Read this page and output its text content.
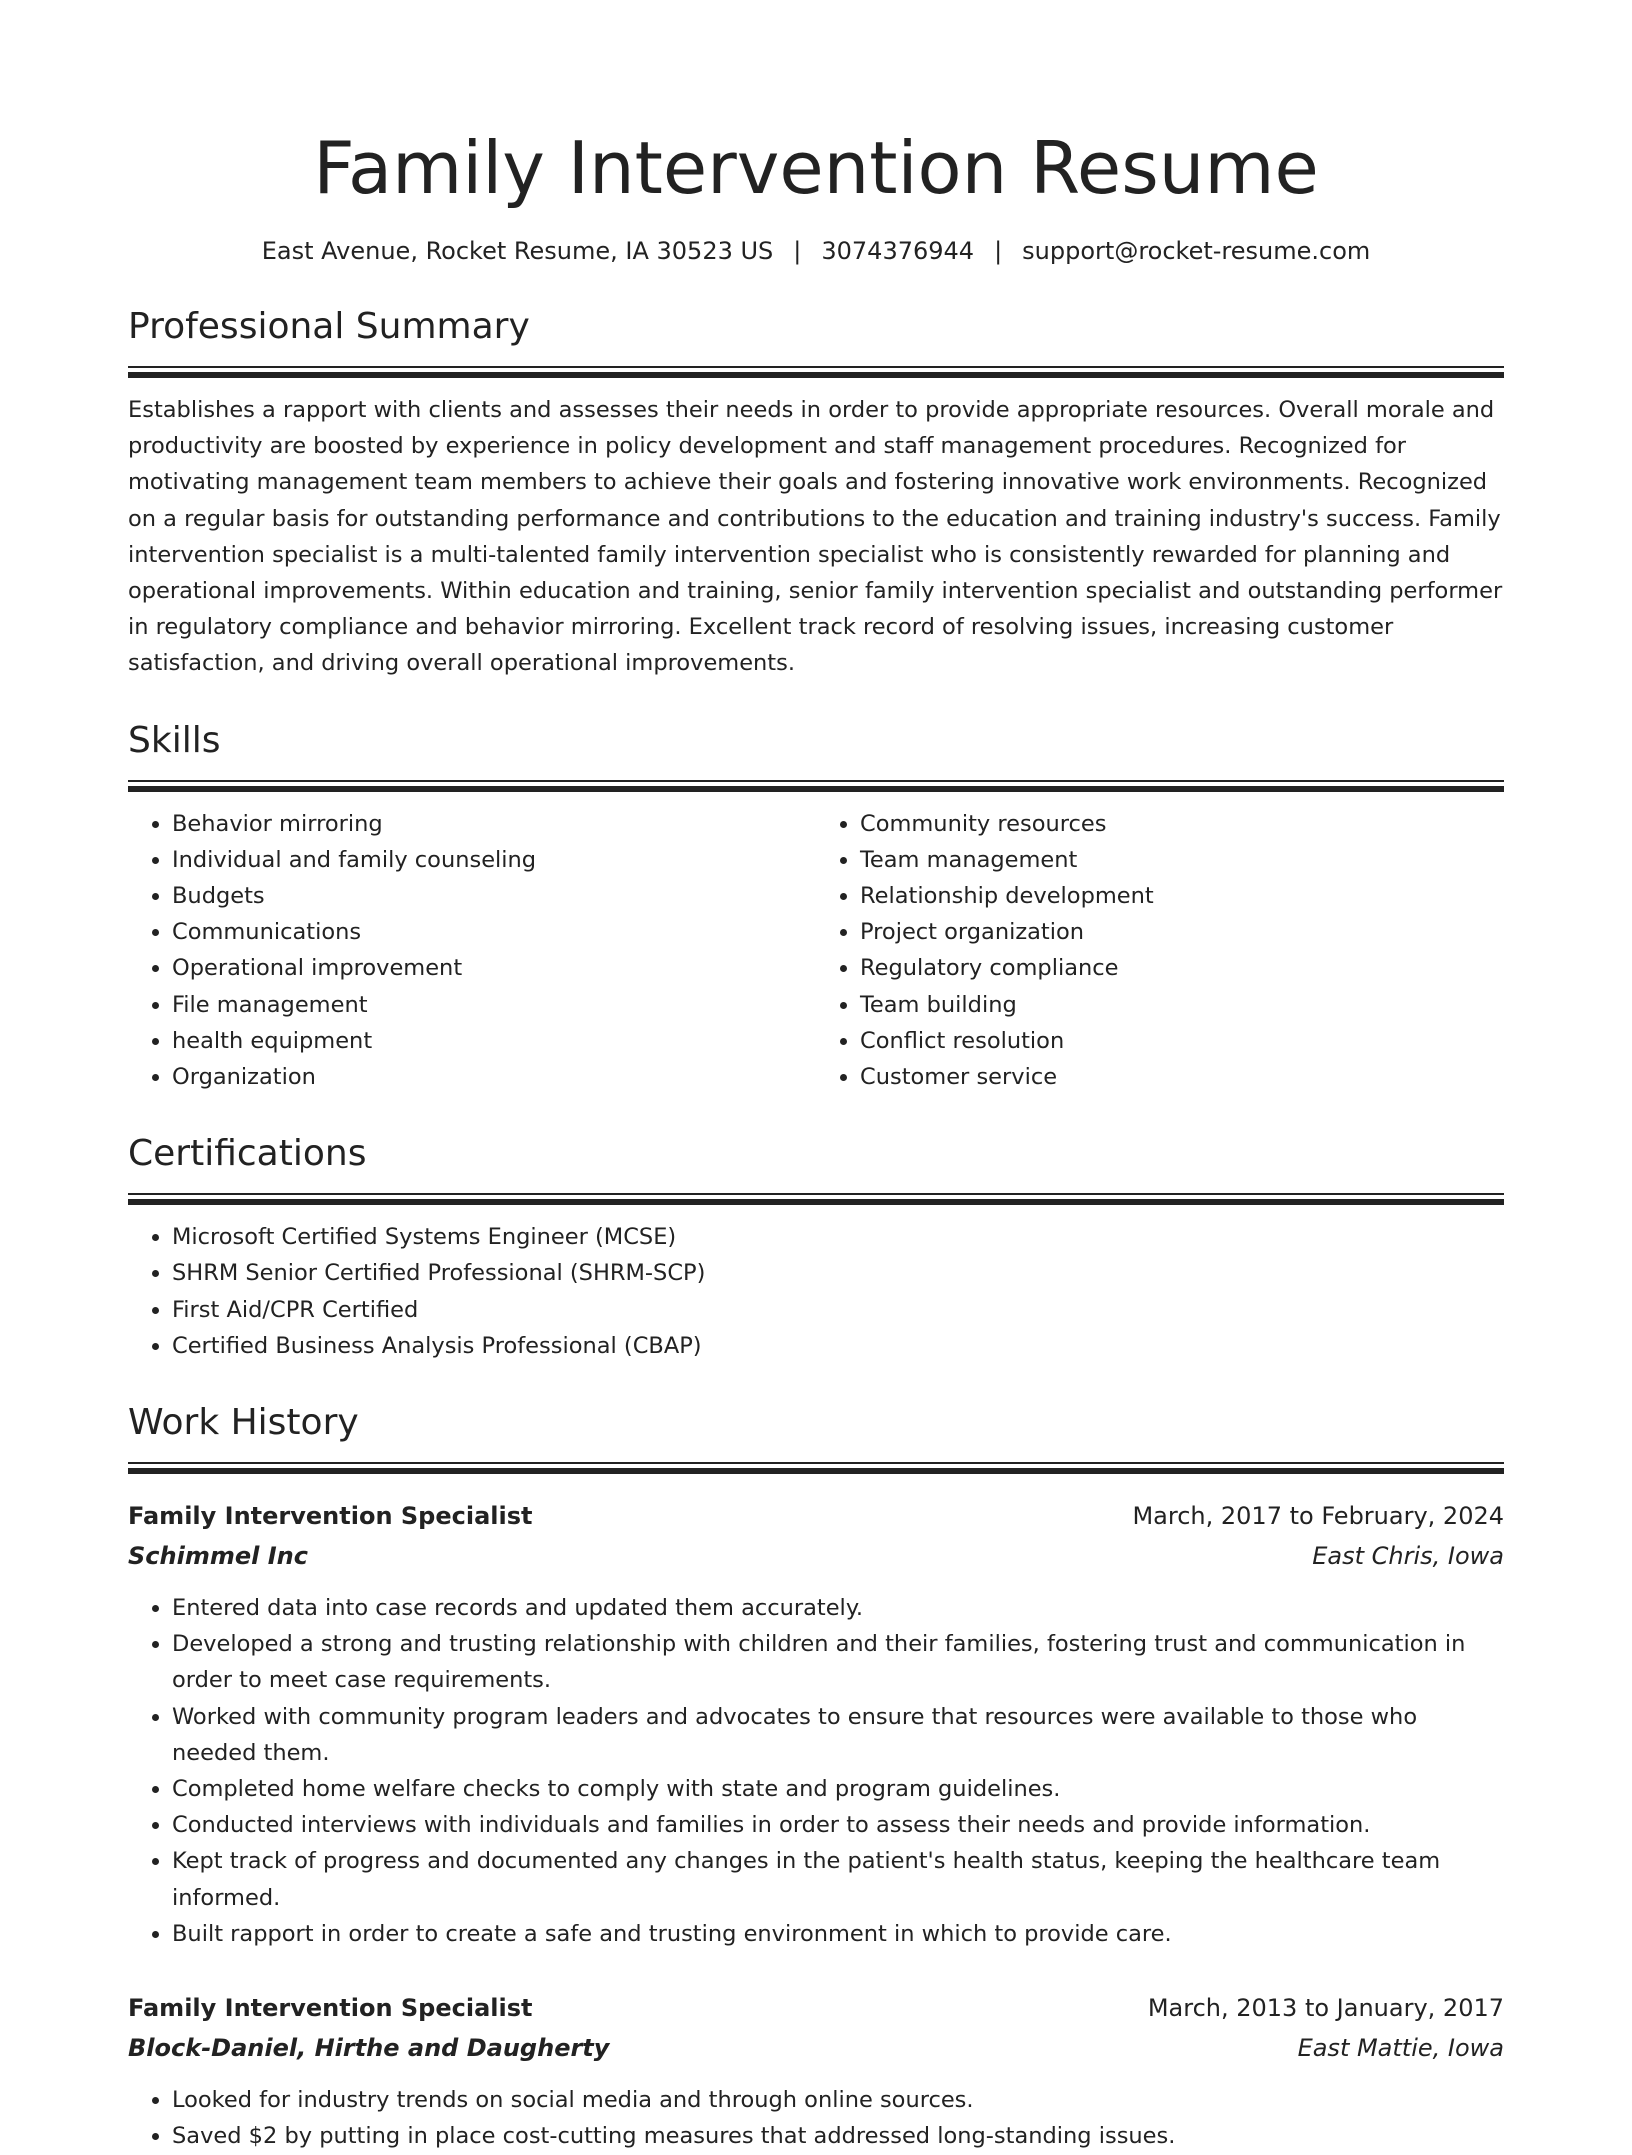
Family Intervention Resume
East Avenue, Rocket Resume, IA 30523 US | 3074376944 | support@rocket-resume.com
Professional Summary

Establishes a rapport with clients and assesses their needs in order to provide appropriate resources. Overall morale and productivity are boosted by experience in policy development and staff management procedures. Recognized for motivating management team members to achieve their goals and fostering innovative work environments. Recognized on a regular basis for outstanding performance and contributions to the education and training industry's success. Family intervention specialist is a multi-talented family intervention specialist who is consistently rewarded for planning and operational improvements. Within education and training, senior family intervention specialist and outstanding performer in regulatory compliance and behavior mirroring. Excellent track record of resolving issues, increasing customer satisfaction, and driving overall operational improvements.

Skills
• Behavior mirroring
• Individual and family counseling
• Budgets
• Communications
• Operational improvement
• File management
• health equipment
• Organization
• Community resources
• Team management
• Relationship development
• Project organization
• Regulatory compliance
• Team building
• Conflict resolution
• Customer service
Certifications
• Microsoft Certified Systems Engineer (MCSE)
• SHRM Senior Certified Professional (SHRM-SCP)
• First Aid/CPR Certified
• Certified Business Analysis Professional (CBAP)
Work History
Family Intervention Specialist	March, 2017 to February, 2024
Schimmel Inc	East Chris, Iowa
• Entered data into case records and updated them accurately.
• Developed a strong and trusting relationship with children and their families, fostering trust and communication in order to meet case requirements.
• Worked with community program leaders and advocates to ensure that resources were available to those who needed them.
• Completed home welfare checks to comply with state and program guidelines.
• Conducted interviews with individuals and families in order to assess their needs and provide information.
• Kept track of progress and documented any changes in the patient's health status, keeping the healthcare team informed.
• Built rapport in order to create a safe and trusting environment in which to provide care.
Family Intervention Specialist	March, 2013 to January, 2017
Block-Daniel, Hirthe and Daugherty	East Mattie, Iowa
• Looked for industry trends on social media and through online sources.
• Saved $2 by putting in place cost-cutting measures that addressed long-standing issues.
